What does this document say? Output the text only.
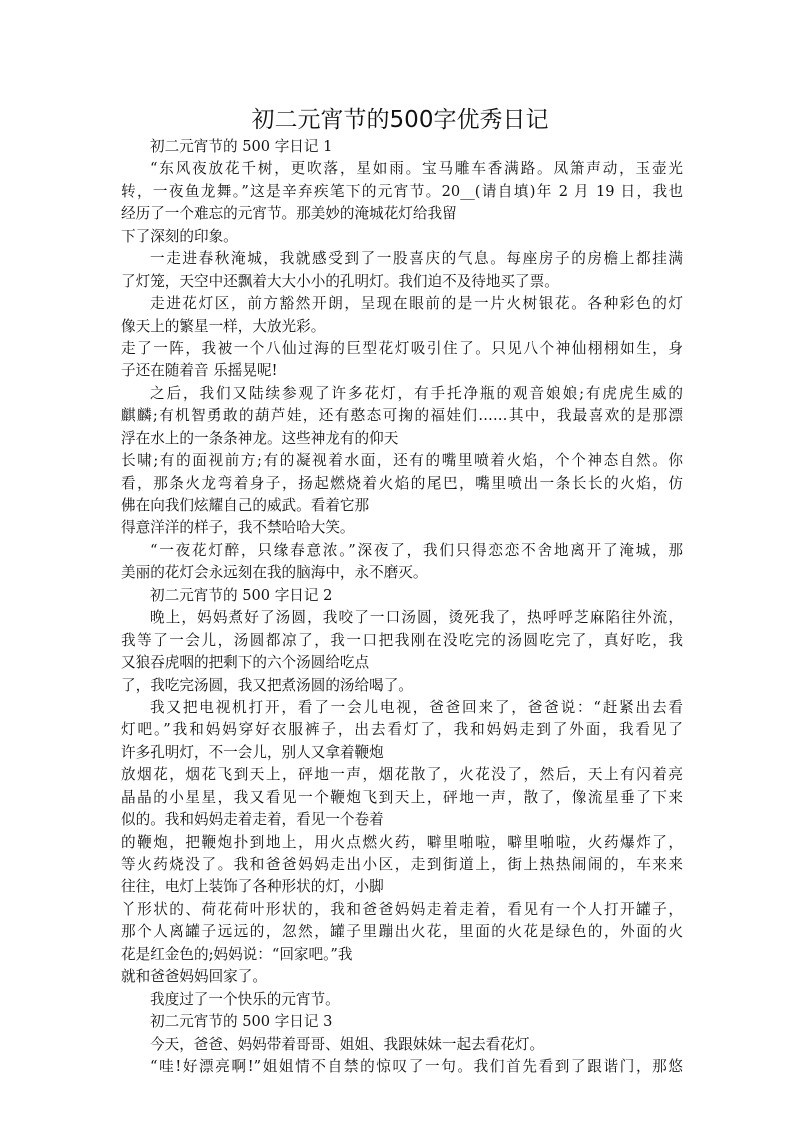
初二元宵节的500字优秀日记
初二元宵节的 500 字日记 1
“东风夜放花千树，更吹落，星如雨。宝马雕车香满路。凤箫声动，玉壶光
转，一夜鱼龙舞。”这是辛弃疾笔下的元宵节。20__(请自填)年 2 月 19 日，我也
经历了一个难忘的元宵节。那美妙的淹城花灯给我留
下了深刻的印象。
一走进春秋淹城，我就感受到了一股喜庆的气息。每座房子的房檐上都挂满
了灯笼，天空中还飘着大大小小的孔明灯。我们迫不及待地买了票。
走进花灯区，前方豁然开朗，呈现在眼前的是一片火树银花。各种彩色的灯
像天上的繁星一样，大放光彩。
走了一阵，我被一个八仙过海的巨型花灯吸引住了。只见八个神仙栩栩如生，身
子还在随着音 乐摇晃呢!
之后，我们又陆续参观了许多花灯，有手托净瓶的观音娘娘;有虎虎生威的
麒麟;有机智勇敢的葫芦娃，还有憨态可掬的福娃们……其中，我最喜欢的是那漂
浮在水上的一条条神龙。这些神龙有的仰天
长啸;有的面视前方;有的凝视着水面，还有的嘴里喷着火焰，个个神态自然。你
看，那条火龙弯着身子，扬起燃烧着火焰的尾巴，嘴里喷出一条长长的火焰，仿
佛在向我们炫耀自己的威武。看着它那
得意洋洋的样子，我不禁哈哈大笑。
“一夜花灯醉，只缘春意浓。”深夜了，我们只得恋恋不舍地离开了淹城，那
美丽的花灯会永远刻在我的脑海中，永不磨灭。
初二元宵节的 500 字日记 2
晚上，妈妈煮好了汤圆，我咬了一口汤圆，烫死我了，热呼呼芝麻陷往外流，
我等了一会儿，汤圆都凉了，我一口把我刚在没吃完的汤圆吃完了，真好吃，我
又狼吞虎咽的把剩下的六个汤圆给吃点
了，我吃完汤圆，我又把煮汤圆的汤给喝了。
我又把电视机打开，看了一会儿电视，爸爸回来了，爸爸说：“赶紧出去看
灯吧。”我和妈妈穿好衣服裤子，出去看灯了，我和妈妈走到了外面，我看见了
许多孔明灯，不一会儿，别人又拿着鞭炮
放烟花，烟花飞到天上，砰地一声，烟花散了，火花没了，然后，天上有闪着亮
晶晶的小星星，我又看见一个鞭炮飞到天上，砰地一声，散了，像流星垂了下来
似的。我和妈妈走着走着，看见一个卷着
的鞭炮，把鞭炮扑到地上，用火点燃火药，噼里啪啦，噼里啪啦，火药爆炸了，
等火药烧没了。我和爸爸妈妈走出小区，走到街道上，街上热热闹闹的，车来来
往往，电灯上装饰了各种形状的灯，小脚
丫形状的、荷花荷叶形状的，我和爸爸妈妈走着走着，看见有一个人打开罐子，
那个人离罐子远远的，忽然，罐子里蹦出火花，里面的火花是绿色的，外面的火
花是红金色的;妈妈说：“回家吧。”我
就和爸爸妈妈回家了。
我度过了一个快乐的元宵节。
初二元宵节的 500 字日记 3
今天，爸爸、妈妈带着哥哥、姐姐、我跟妹妹一起去看花灯。
“哇!好漂亮啊!”姐姐情不自禁的惊叹了一句。我们首先看到了跟谐门，那悠
